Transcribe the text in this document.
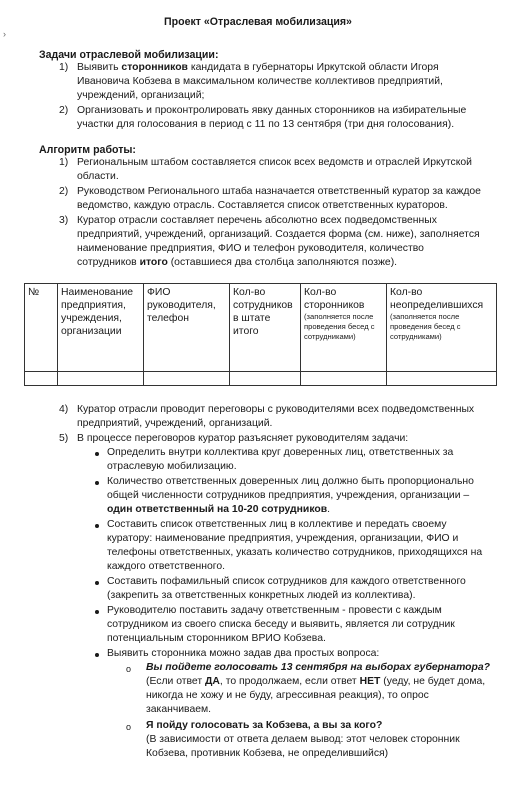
›
Проект «Отраслевая мобилизация»
Задачи отраслевой мобилизации:
1) Выявить сторонников кандидата в губернаторы Иркутской области Игоря
Ивановича Кобзева в максимальном количестве коллективов предприятий,
учреждений, организаций;
2) Организовать и проконтролировать явку данных сторонников на избирательные
участки для голосования в период с 11 по 13 сентября (три дня голосования).
Алгоритм работы:
1) Региональным штабом составляется список всех ведомств и отраслей Иркутской
области.
2) Руководством Регионального штаба назначается ответственный куратор за каждое
ведомство, каждую отрасль. Составляется список ответственных кураторов.
3) Куратор отрасли составляет перечень абсолютно всех подведомственных
предприятий, учреждений, организаций. Создается форма (см. ниже), заполняется
наименование предприятия, ФИО и телефон руководителя, количество
сотрудников итого (оставшиеся два столбца заполняются позже).
№	Наименование предприятия, учреждения, организации	ФИО руководителя, телефон	Кол-во сотрудников в штате итого	Кол-во сторонников
(заполняется после проведения бесед с сотрудниками)	Кол-во неопределившихся
(заполняется после проведения бесед с сотрудниками)

4) Куратор отрасли проводит переговоры с руководителями всех подведомственных
предприятий, учреждений, организаций.
5) В процессе переговоров куратор разъясняет руководителям задачи:
Определить внутри коллектива круг доверенных лиц, ответственных за
отраслевую мобилизацию.
Количество ответственных доверенных лиц должно быть пропорционально
общей численности сотрудников предприятия, учреждения, организации –
один ответственный на 10-20 сотрудников.
Составить список ответственных лиц в коллективе и передать своему
куратору: наименование предприятия, учреждения, организации, ФИО и
телефоны ответственных, указать количество сотрудников, приходящихся на
каждого ответственного.
Составить пофамильный список сотрудников для каждого ответственного
(закрепить за ответственных конкретных людей из коллектива).
Руководителю поставить задачу ответственным - провести с каждым
сотрудником из своего списка беседу и выявить, является ли сотрудник
потенциальным сторонником ВРИО Кобзева.
Выявить сторонника можно задав два простых вопроса:
o Вы пойдете голосовать 13 сентября на выборах губернатора?
(Если ответ ДА, то продолжаем, если ответ НЕТ (уеду, не будет дома,
никогда не хожу и не буду, агрессивная реакция), то опрос
заканчиваем.
o Я пойду голосовать за Кобзева, а вы за кого?
(В зависимости от ответа делаем вывод: этот человек сторонник
Кобзева, противник Кобзева, не определившийся)
